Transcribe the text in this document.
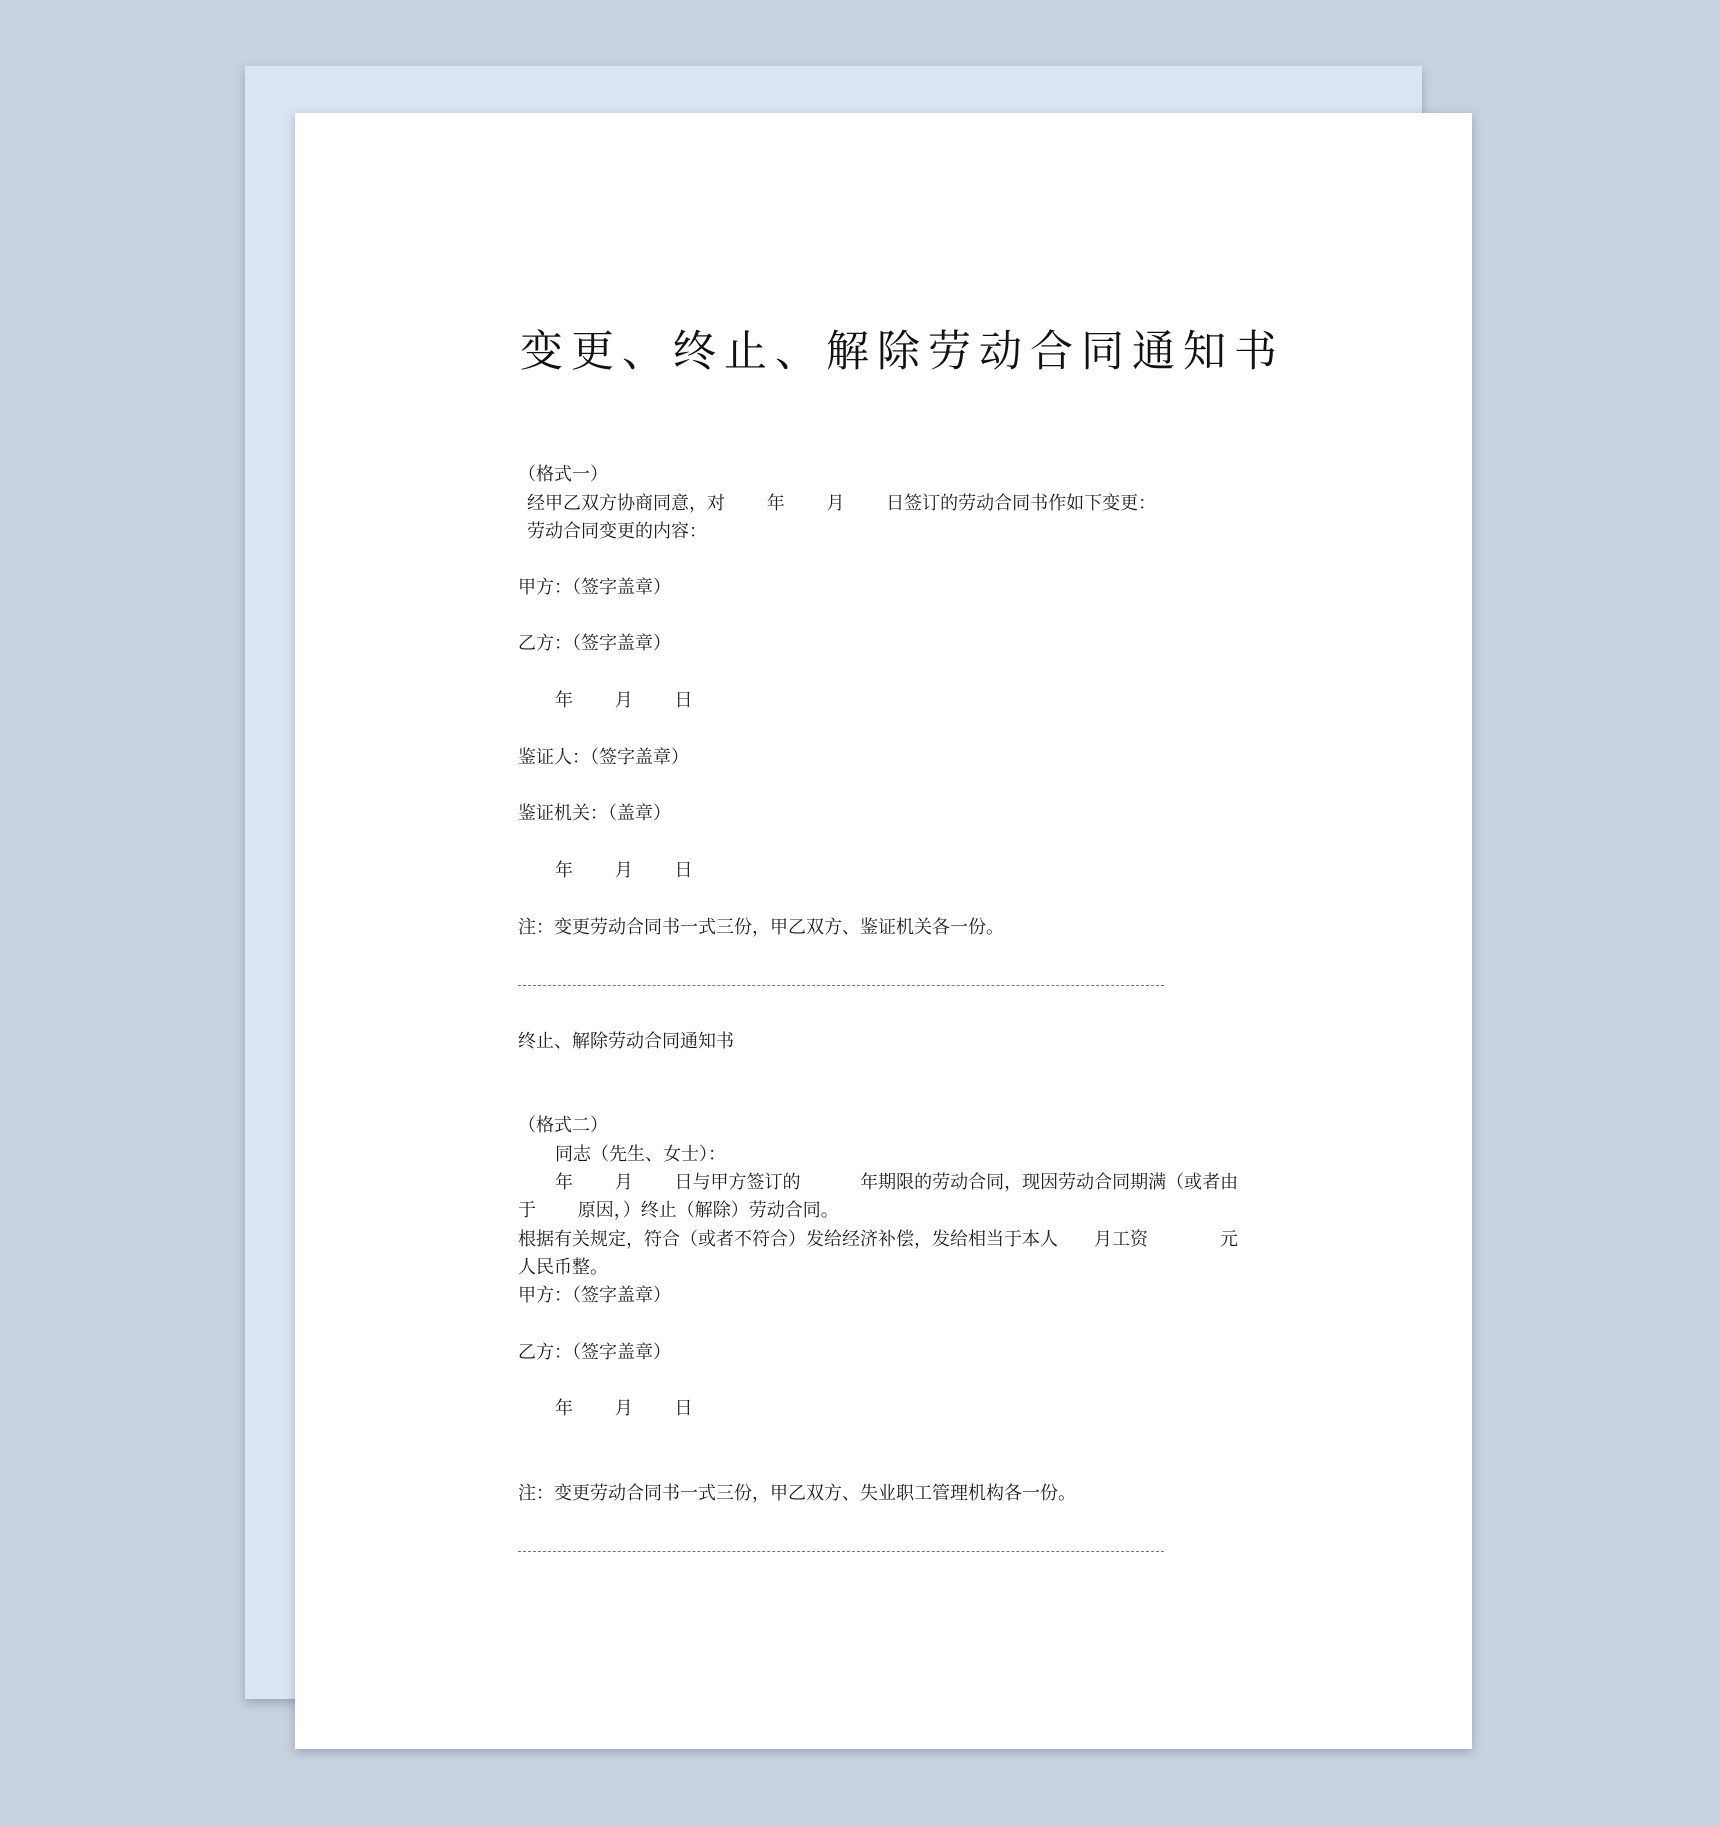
变更、终止、解除劳动合同通知书
（格式一）
经甲乙双方协商同意，对　　 年　　 月　　 日签订的劳动合同书作如下变更：
劳动合同变更的内容：
甲方：（签字盖章）
乙方：（签字盖章）
年　　 月　　 日
鉴证人：（签字盖章）
鉴证机关：（盖章）
年　　 月　　 日
注：变更劳动合同书一式三份，甲乙双方、鉴证机关各一份。
终止、解除劳动合同通知书
（格式二）
同志（先生、女士）：
年　　 月　　 日与甲方签订的　　　 年期限的劳动合同，现因劳动合同期满（或者由
于　　 原因，）终止（解除）劳动合同。
根据有关规定，符合（或者不符合）发给经济补偿，发给相当于本人　　月工资　　　　元
人民币整。
甲方：（签字盖章）
乙方：（签字盖章）
年　　 月　　 日
注：变更劳动合同书一式三份，甲乙双方、失业职工管理机构各一份。
